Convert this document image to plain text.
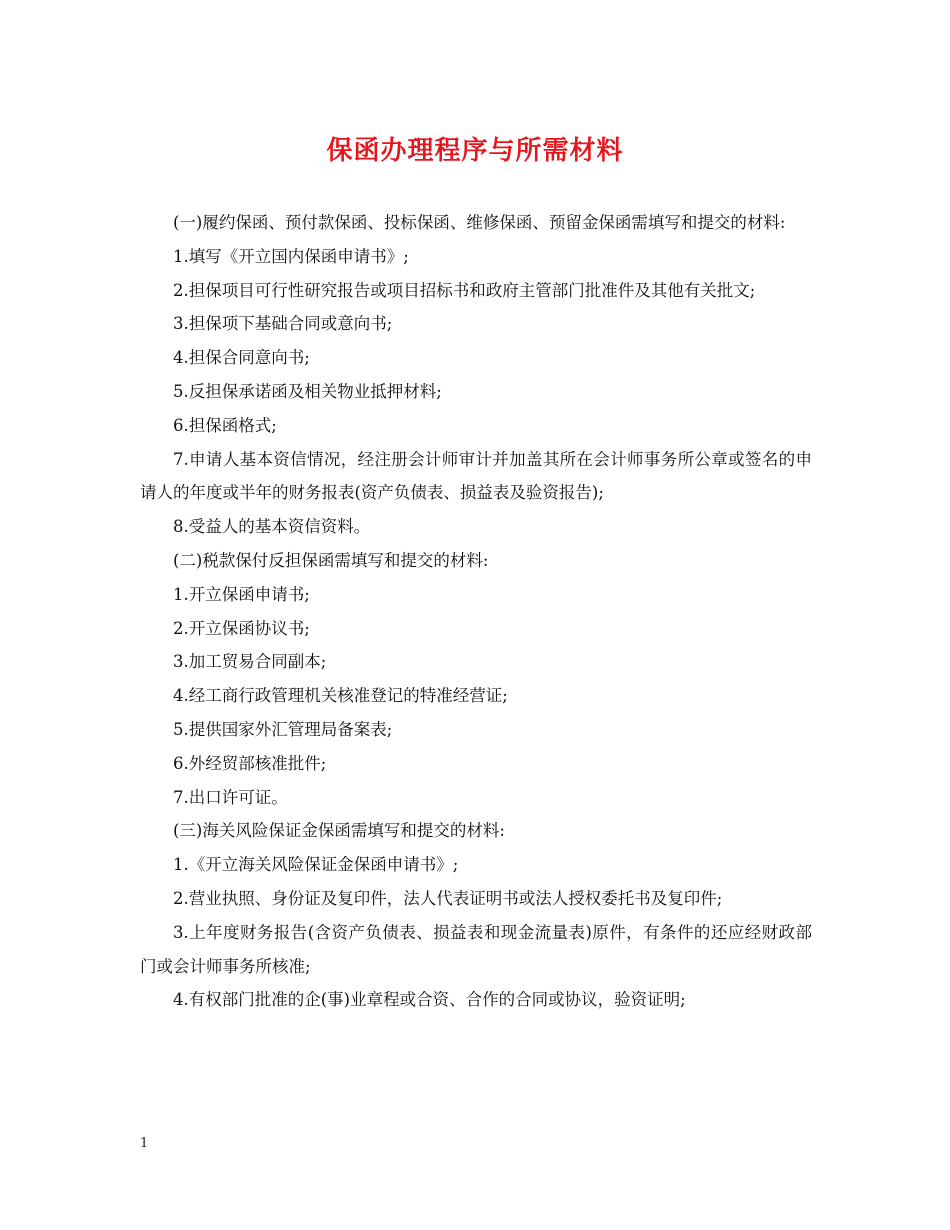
保函办理程序与所需材料

(一)履约保函、预付款保函、投标保函、维修保函、预留金保函需填写和提交的材料:

1.填写《开立国内保函申请书》;

2.担保项目可行性研究报告或项目招标书和政府主管部门批准件及其他有关批文;

3.担保项下基础合同或意向书;

4.担保合同意向书;

5.反担保承诺函及相关物业抵押材料;

6.担保函格式;

7.申请人基本资信情况，经注册会计师审计并加盖其所在会计师事务所公章或签名的申请人的年度或半年的财务报表(资产负债表、损益表及验资报告);

8.受益人的基本资信资料。

(二)税款保付反担保函需填写和提交的材料:

1.开立保函申请书;

2.开立保函协议书;

3.加工贸易合同副本;

4.经工商行政管理机关核准登记的特准经营证;

5.提供国家外汇管理局备案表;

6.外经贸部核准批件;

7.出口许可证。

(三)海关风险保证金保函需填写和提交的材料:

1.《开立海关风险保证金保函申请书》;

2.营业执照、身份证及复印件，法人代表证明书或法人授权委托书及复印件;

3.上年度财务报告(含资产负债表、损益表和现金流量表)原件，有条件的还应经财政部门或会计师事务所核准;

4.有权部门批准的企(事)业章程或合资、合作的合同或协议，验资证明;

1
